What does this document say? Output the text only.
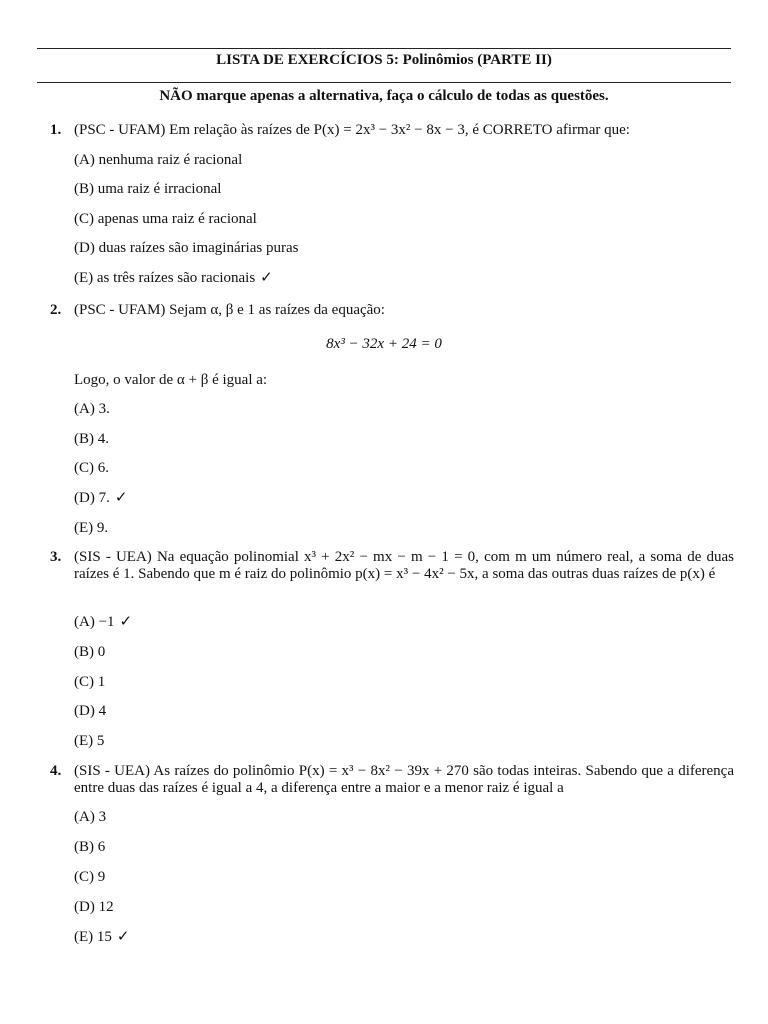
LISTA DE EXERCÍCIOS 5: Polinômios (PARTE II)
NÃO marque apenas a alternativa, faça o cálculo de todas as questões.
1. (PSC - UFAM) Em relação às raízes de P(x) = 2x³ − 3x² − 8x − 3, é CORRETO afirmar que:
(A) nenhuma raiz é racional
(B) uma raiz é irracional
(C) apenas uma raiz é racional
(D) duas raízes são imaginárias puras
(E) as três raízes são racionais ✓
2. (PSC - UFAM) Sejam α, β e 1 as raízes da equação:
8x³ − 32x + 24 = 0
Logo, o valor de α + β é igual a:
(A) 3.
(B) 4.
(C) 6.
(D) 7. ✓
(E) 9.
3. (SIS - UEA) Na equação polinomial x³ + 2x² − mx − m − 1 = 0, com m um número real, a soma de duas raízes é 1. Sabendo que m é raiz do polinômio p(x) = x³ − 4x² − 5x, a soma das outras duas raízes de p(x) é
(A) −1 ✓
(B) 0
(C) 1
(D) 4
(E) 5
4. (SIS - UEA) As raízes do polinômio P(x) = x³ − 8x² − 39x + 270 são todas inteiras. Sabendo que a diferença entre duas das raízes é igual a 4, a diferença entre a maior e a menor raiz é igual a
(A) 3
(B) 6
(C) 9
(D) 12
(E) 15 ✓
